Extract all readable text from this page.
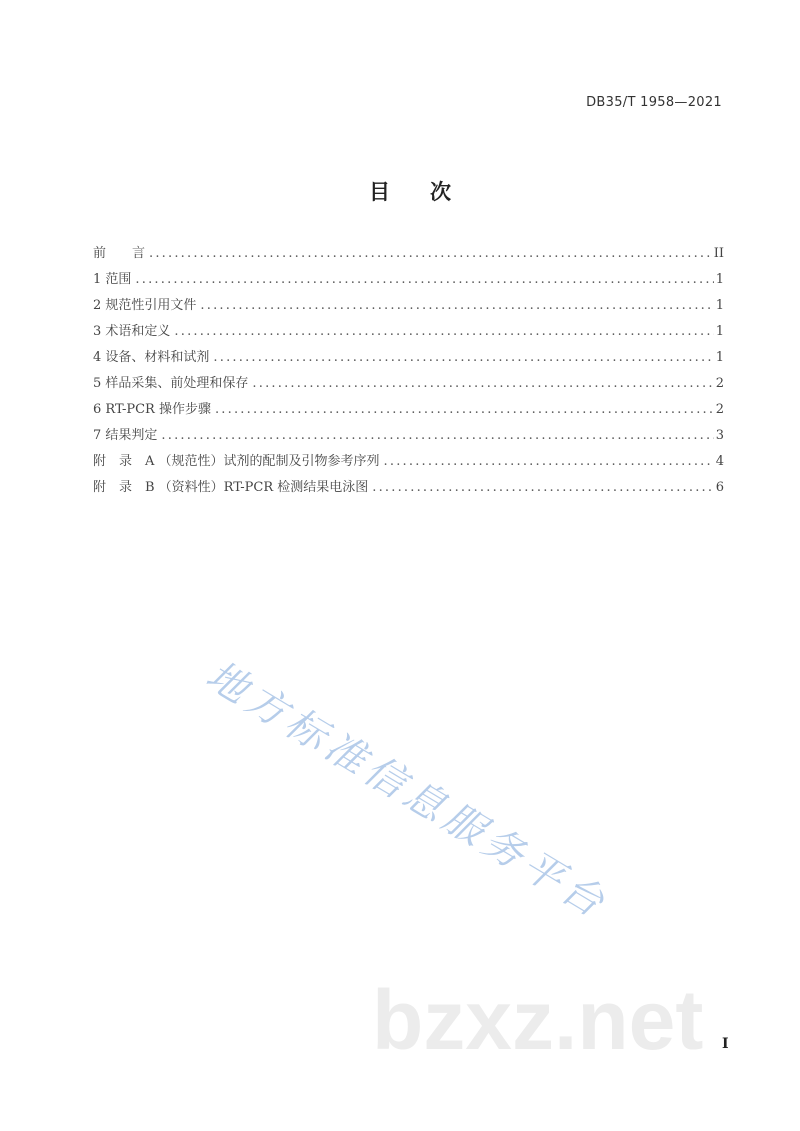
DB35/T 1958—2021
目 次
前　　言 .....	II
1 范围 .....	1
2 规范性引用文件 .....	1
3 术语和定义 .....	1
4 设备、材料和试剂 .....	1
5 样品采集、前处理和保存 .....	2
6 RT-PCR 操作步骤 .....	2
7 结果判定 .....	3
附　录　A （规范性）试剂的配制及引物参考序列 .....	4
附　录　B （资料性）RT-PCR 检测结果电泳图 .....	6
地方标准信息服务平台
bzxz.net I
